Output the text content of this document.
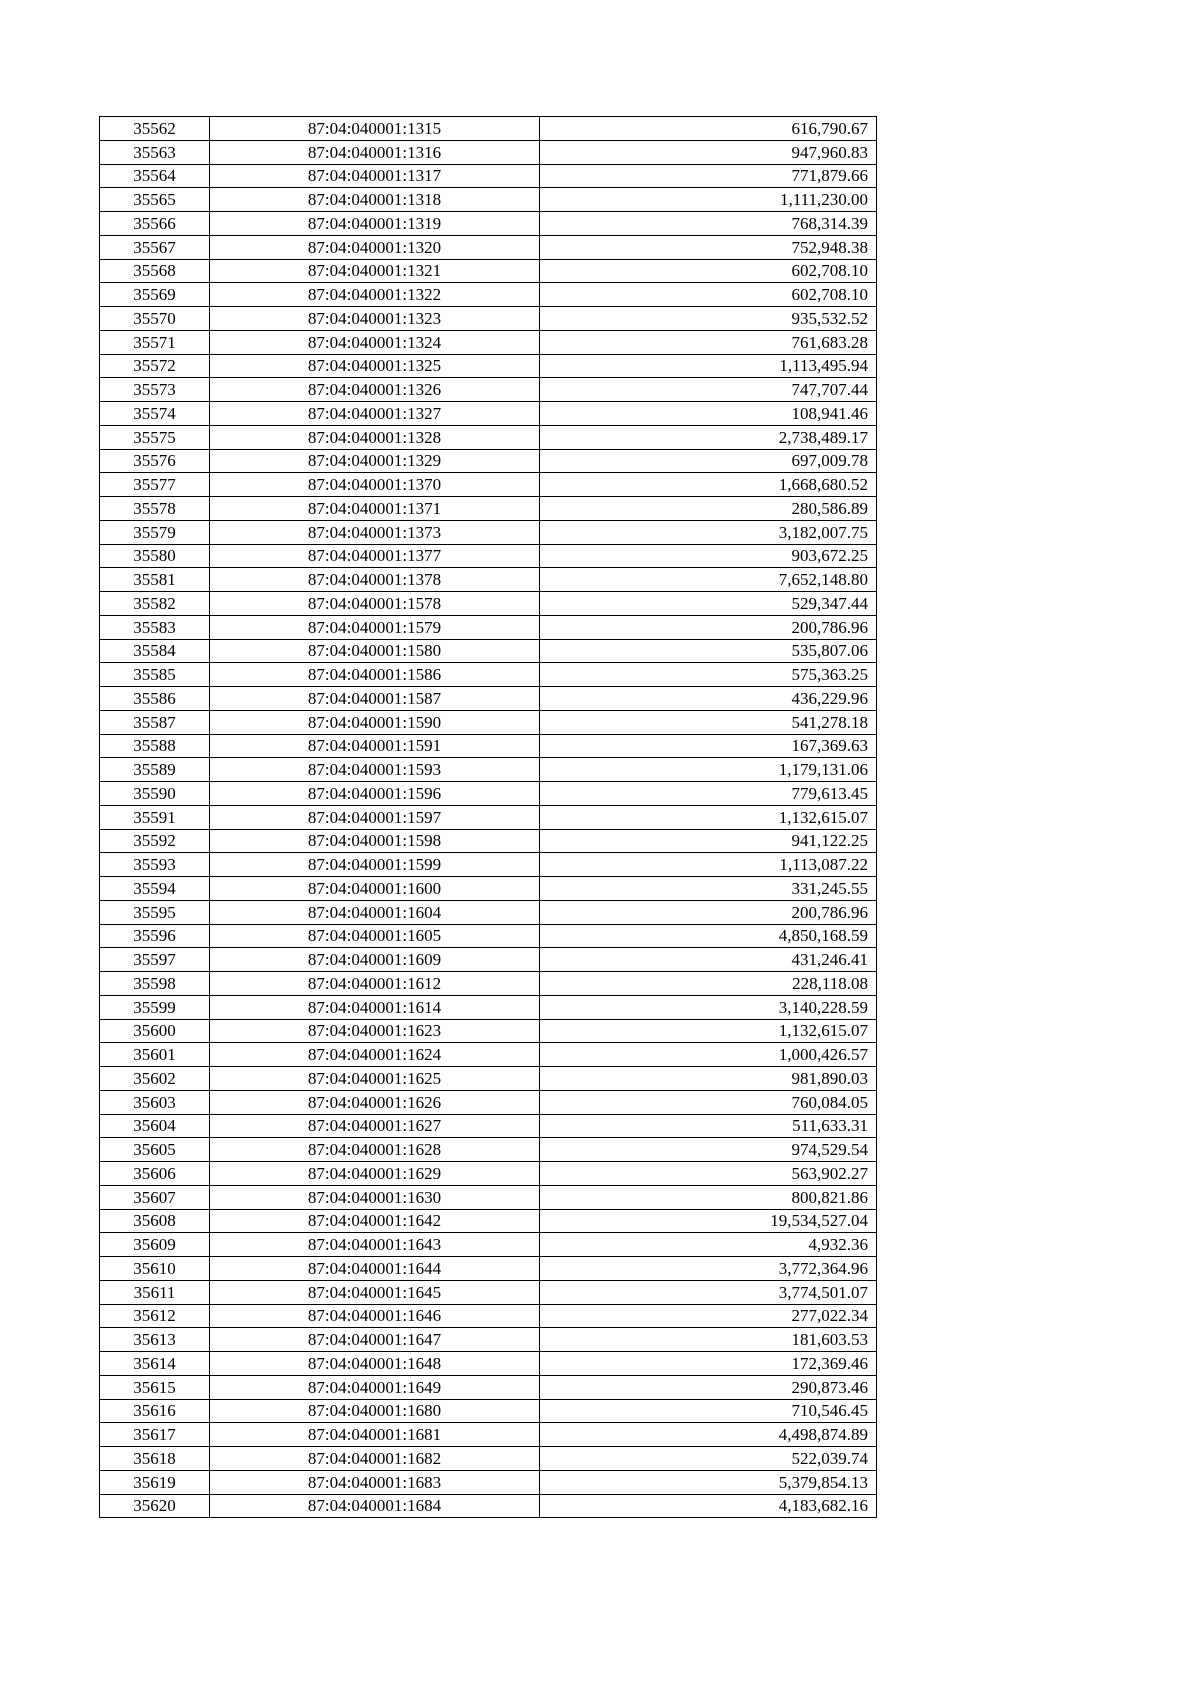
35562	87:04:040001:1315	616,790.67
35563	87:04:040001:1316	947,960.83
35564	87:04:040001:1317	771,879.66
35565	87:04:040001:1318	1,111,230.00
35566	87:04:040001:1319	768,314.39
35567	87:04:040001:1320	752,948.38
35568	87:04:040001:1321	602,708.10
35569	87:04:040001:1322	602,708.10
35570	87:04:040001:1323	935,532.52
35571	87:04:040001:1324	761,683.28
35572	87:04:040001:1325	1,113,495.94
35573	87:04:040001:1326	747,707.44
35574	87:04:040001:1327	108,941.46
35575	87:04:040001:1328	2,738,489.17
35576	87:04:040001:1329	697,009.78
35577	87:04:040001:1370	1,668,680.52
35578	87:04:040001:1371	280,586.89
35579	87:04:040001:1373	3,182,007.75
35580	87:04:040001:1377	903,672.25
35581	87:04:040001:1378	7,652,148.80
35582	87:04:040001:1578	529,347.44
35583	87:04:040001:1579	200,786.96
35584	87:04:040001:1580	535,807.06
35585	87:04:040001:1586	575,363.25
35586	87:04:040001:1587	436,229.96
35587	87:04:040001:1590	541,278.18
35588	87:04:040001:1591	167,369.63
35589	87:04:040001:1593	1,179,131.06
35590	87:04:040001:1596	779,613.45
35591	87:04:040001:1597	1,132,615.07
35592	87:04:040001:1598	941,122.25
35593	87:04:040001:1599	1,113,087.22
35594	87:04:040001:1600	331,245.55
35595	87:04:040001:1604	200,786.96
35596	87:04:040001:1605	4,850,168.59
35597	87:04:040001:1609	431,246.41
35598	87:04:040001:1612	228,118.08
35599	87:04:040001:1614	3,140,228.59
35600	87:04:040001:1623	1,132,615.07
35601	87:04:040001:1624	1,000,426.57
35602	87:04:040001:1625	981,890.03
35603	87:04:040001:1626	760,084.05
35604	87:04:040001:1627	511,633.31
35605	87:04:040001:1628	974,529.54
35606	87:04:040001:1629	563,902.27
35607	87:04:040001:1630	800,821.86
35608	87:04:040001:1642	19,534,527.04
35609	87:04:040001:1643	4,932.36
35610	87:04:040001:1644	3,772,364.96
35611	87:04:040001:1645	3,774,501.07
35612	87:04:040001:1646	277,022.34
35613	87:04:040001:1647	181,603.53
35614	87:04:040001:1648	172,369.46
35615	87:04:040001:1649	290,873.46
35616	87:04:040001:1680	710,546.45
35617	87:04:040001:1681	4,498,874.89
35618	87:04:040001:1682	522,039.74
35619	87:04:040001:1683	5,379,854.13
35620	87:04:040001:1684	4,183,682.16
